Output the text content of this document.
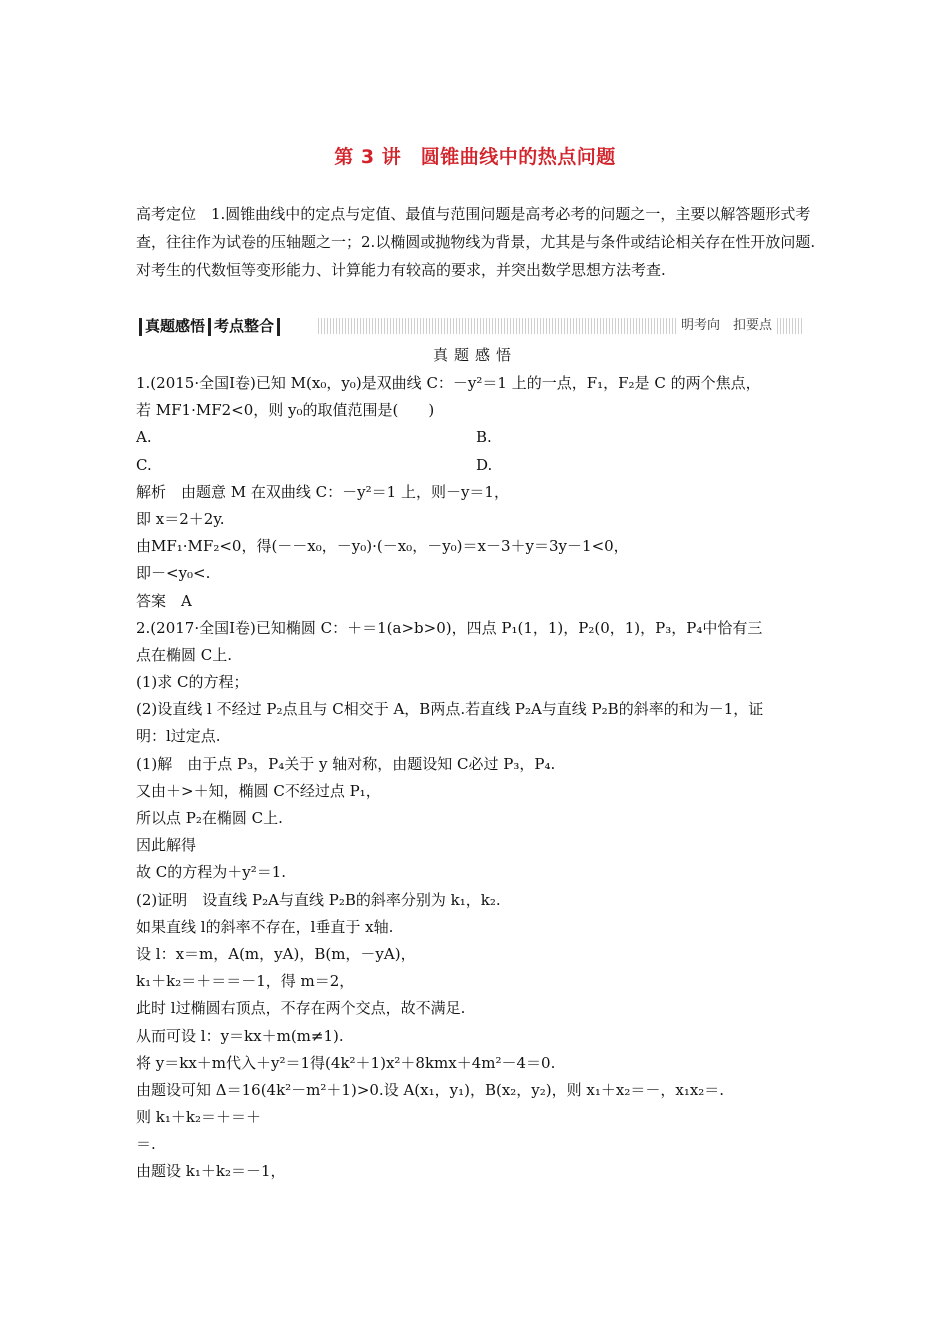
第 3 讲　圆锥曲线中的热点问题

高考定位　1.圆锥曲线中的定点与定值、最值与范围问题是高考必考的问题之一，主要以解答题形式考查，往往作为试卷的压轴题之一；2.以椭圆或抛物线为背景，尤其是与条件或结论相关存在性开放问题.对考生的代数恒等变形能力、计算能力有较高的要求，并突出数学思想方法考查.

真题感悟 考点整合	明考向　扣要点
真题感悟
1.(2015·全国Ⅰ卷)已知 M(x₀，y₀)是双曲线 C：－y²＝1 上的一点，F₁，F₂是 C 的两个焦点，
若 MF1·MF2<0，则 y₀的取值范围是(　　)
A.	B.
C.	D.
解析　由题意 M 在双曲线 C：－y²＝1 上，则－y＝1，
即 x＝2＋2y.
由MF₁·MF₂<0，得(－－x₀，－y₀)·(－x₀，－y₀)＝x－3＋y＝3y－1<0，
即－<y₀<.
答案　A
2.(2017·全国Ⅰ卷)已知椭圆 C：＋＝1(a>b>0)，四点 P₁(1，1)，P₂(0，1)，P₃，P₄中恰有三
点在椭圆 C上.
(1)求 C的方程；
(2)设直线 l 不经过 P₂点且与 C相交于 A，B两点.若直线 P₂A与直线 P₂B的斜率的和为－1，证
明：l过定点.
(1)解　由于点 P₃，P₄关于 y 轴对称，由题设知 C必过 P₃，P₄.
又由＋>＋知，椭圆 C不经过点 P₁，
所以点 P₂在椭圆 C上.
因此解得
故 C的方程为＋y²＝1.
(2)证明　设直线 P₂A与直线 P₂B的斜率分别为 k₁，k₂.
如果直线 l的斜率不存在，l垂直于 x轴.
设 l：x＝m，A(m，yA)，B(m，－yA)，
k₁＋k₂＝＋＝＝－1，得 m＝2，
此时 l过椭圆右顶点，不存在两个交点，故不满足.
从而可设 l：y＝kx＋m(m≠1).
将 y＝kx＋m代入＋y²＝1得(4k²＋1)x²＋8kmx＋4m²－4＝0.
由题设可知 Δ＝16(4k²－m²＋1)>0.设 A(x₁，y₁)，B(x₂，y₂)，则 x₁＋x₂＝－，x₁x₂＝.
则 k₁＋k₂＝＋＝＋
＝.
由题设 k₁＋k₂＝－1，
